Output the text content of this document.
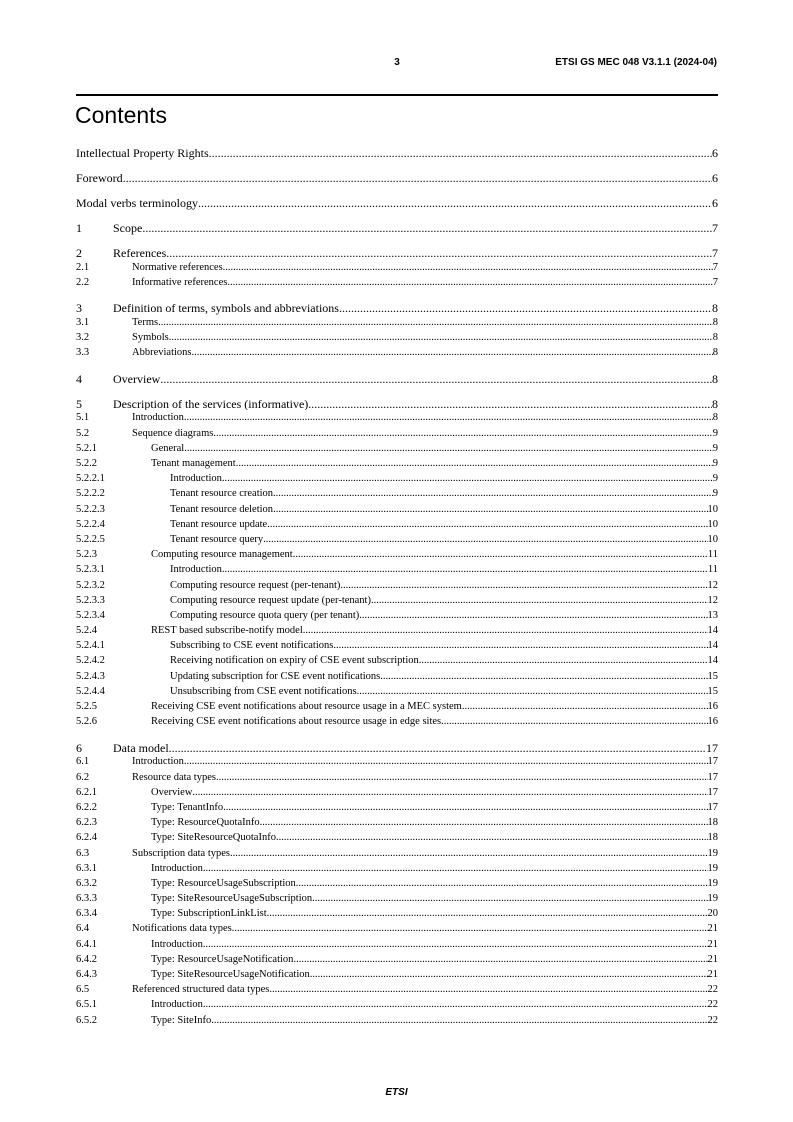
3	ETSI GS MEC 048 V3.1.1 (2024-04)
Contents
Intellectual Property Rights .....	6
Foreword .....	6
Modal verbs terminology .....	6
1	Scope .....	7
2	References .....	7
2.1	Normative references .....	7
2.2	Informative references .....	7
3	Definition of terms, symbols and abbreviations .....	8
3.1	Terms .....	8
3.2	Symbols .....	8
3.3	Abbreviations .....	8
4	Overview .....	8
5	Description of the services (informative) .....	8
5.1	Introduction .....	8
5.2	Sequence diagrams .....	9
5.2.1	General .....	9
5.2.2	Tenant management .....	9
5.2.2.1	Introduction .....	9
5.2.2.2	Tenant resource creation .....	9
5.2.2.3	Tenant resource deletion .....	10
5.2.2.4	Tenant resource update .....	10
5.2.2.5	Tenant resource query .....	10
5.2.3	Computing resource management .....	11
5.2.3.1	Introduction .....	11
5.2.3.2	Computing resource request (per-tenant) .....	12
5.2.3.3	Computing resource request update (per-tenant) .....	12
5.2.3.4	Computing resource quota query (per tenant) .....	13
5.2.4	REST based subscribe-notify model .....	14
5.2.4.1	Subscribing to CSE event notifications .....	14
5.2.4.2	Receiving notification on expiry of CSE event subscription .....	14
5.2.4.3	Updating subscription for CSE event notifications .....	15
5.2.4.4	Unsubscribing from CSE event notifications .....	15
5.2.5	Receiving CSE event notifications about resource usage in a MEC system .....	16
5.2.6	Receiving CSE event notifications about resource usage in edge sites .....	16
6	Data model .....	17
6.1	Introduction .....	17
6.2	Resource data types .....	17
6.2.1	Overview .....	17
6.2.2	Type: TenantInfo .....	17
6.2.3	Type: ResourceQuotaInfo .....	18
6.2.4	Type: SiteResourceQuotaInfo .....	18
6.3	Subscription data types .....	19
6.3.1	Introduction .....	19
6.3.2	Type: ResourceUsageSubscription .....	19
6.3.3	Type: SiteResourceUsageSubscription .....	19
6.3.4	Type: SubscriptionLinkList .....	20
6.4	Notifications data types .....	21
6.4.1	Introduction .....	21
6.4.2	Type: ResourceUsageNotification .....	21
6.4.3	Type: SiteResourceUsageNotification .....	21
6.5	Referenced structured data types .....	22
6.5.1	Introduction .....	22
6.5.2	Type: SiteInfo .....	22
ETSI
